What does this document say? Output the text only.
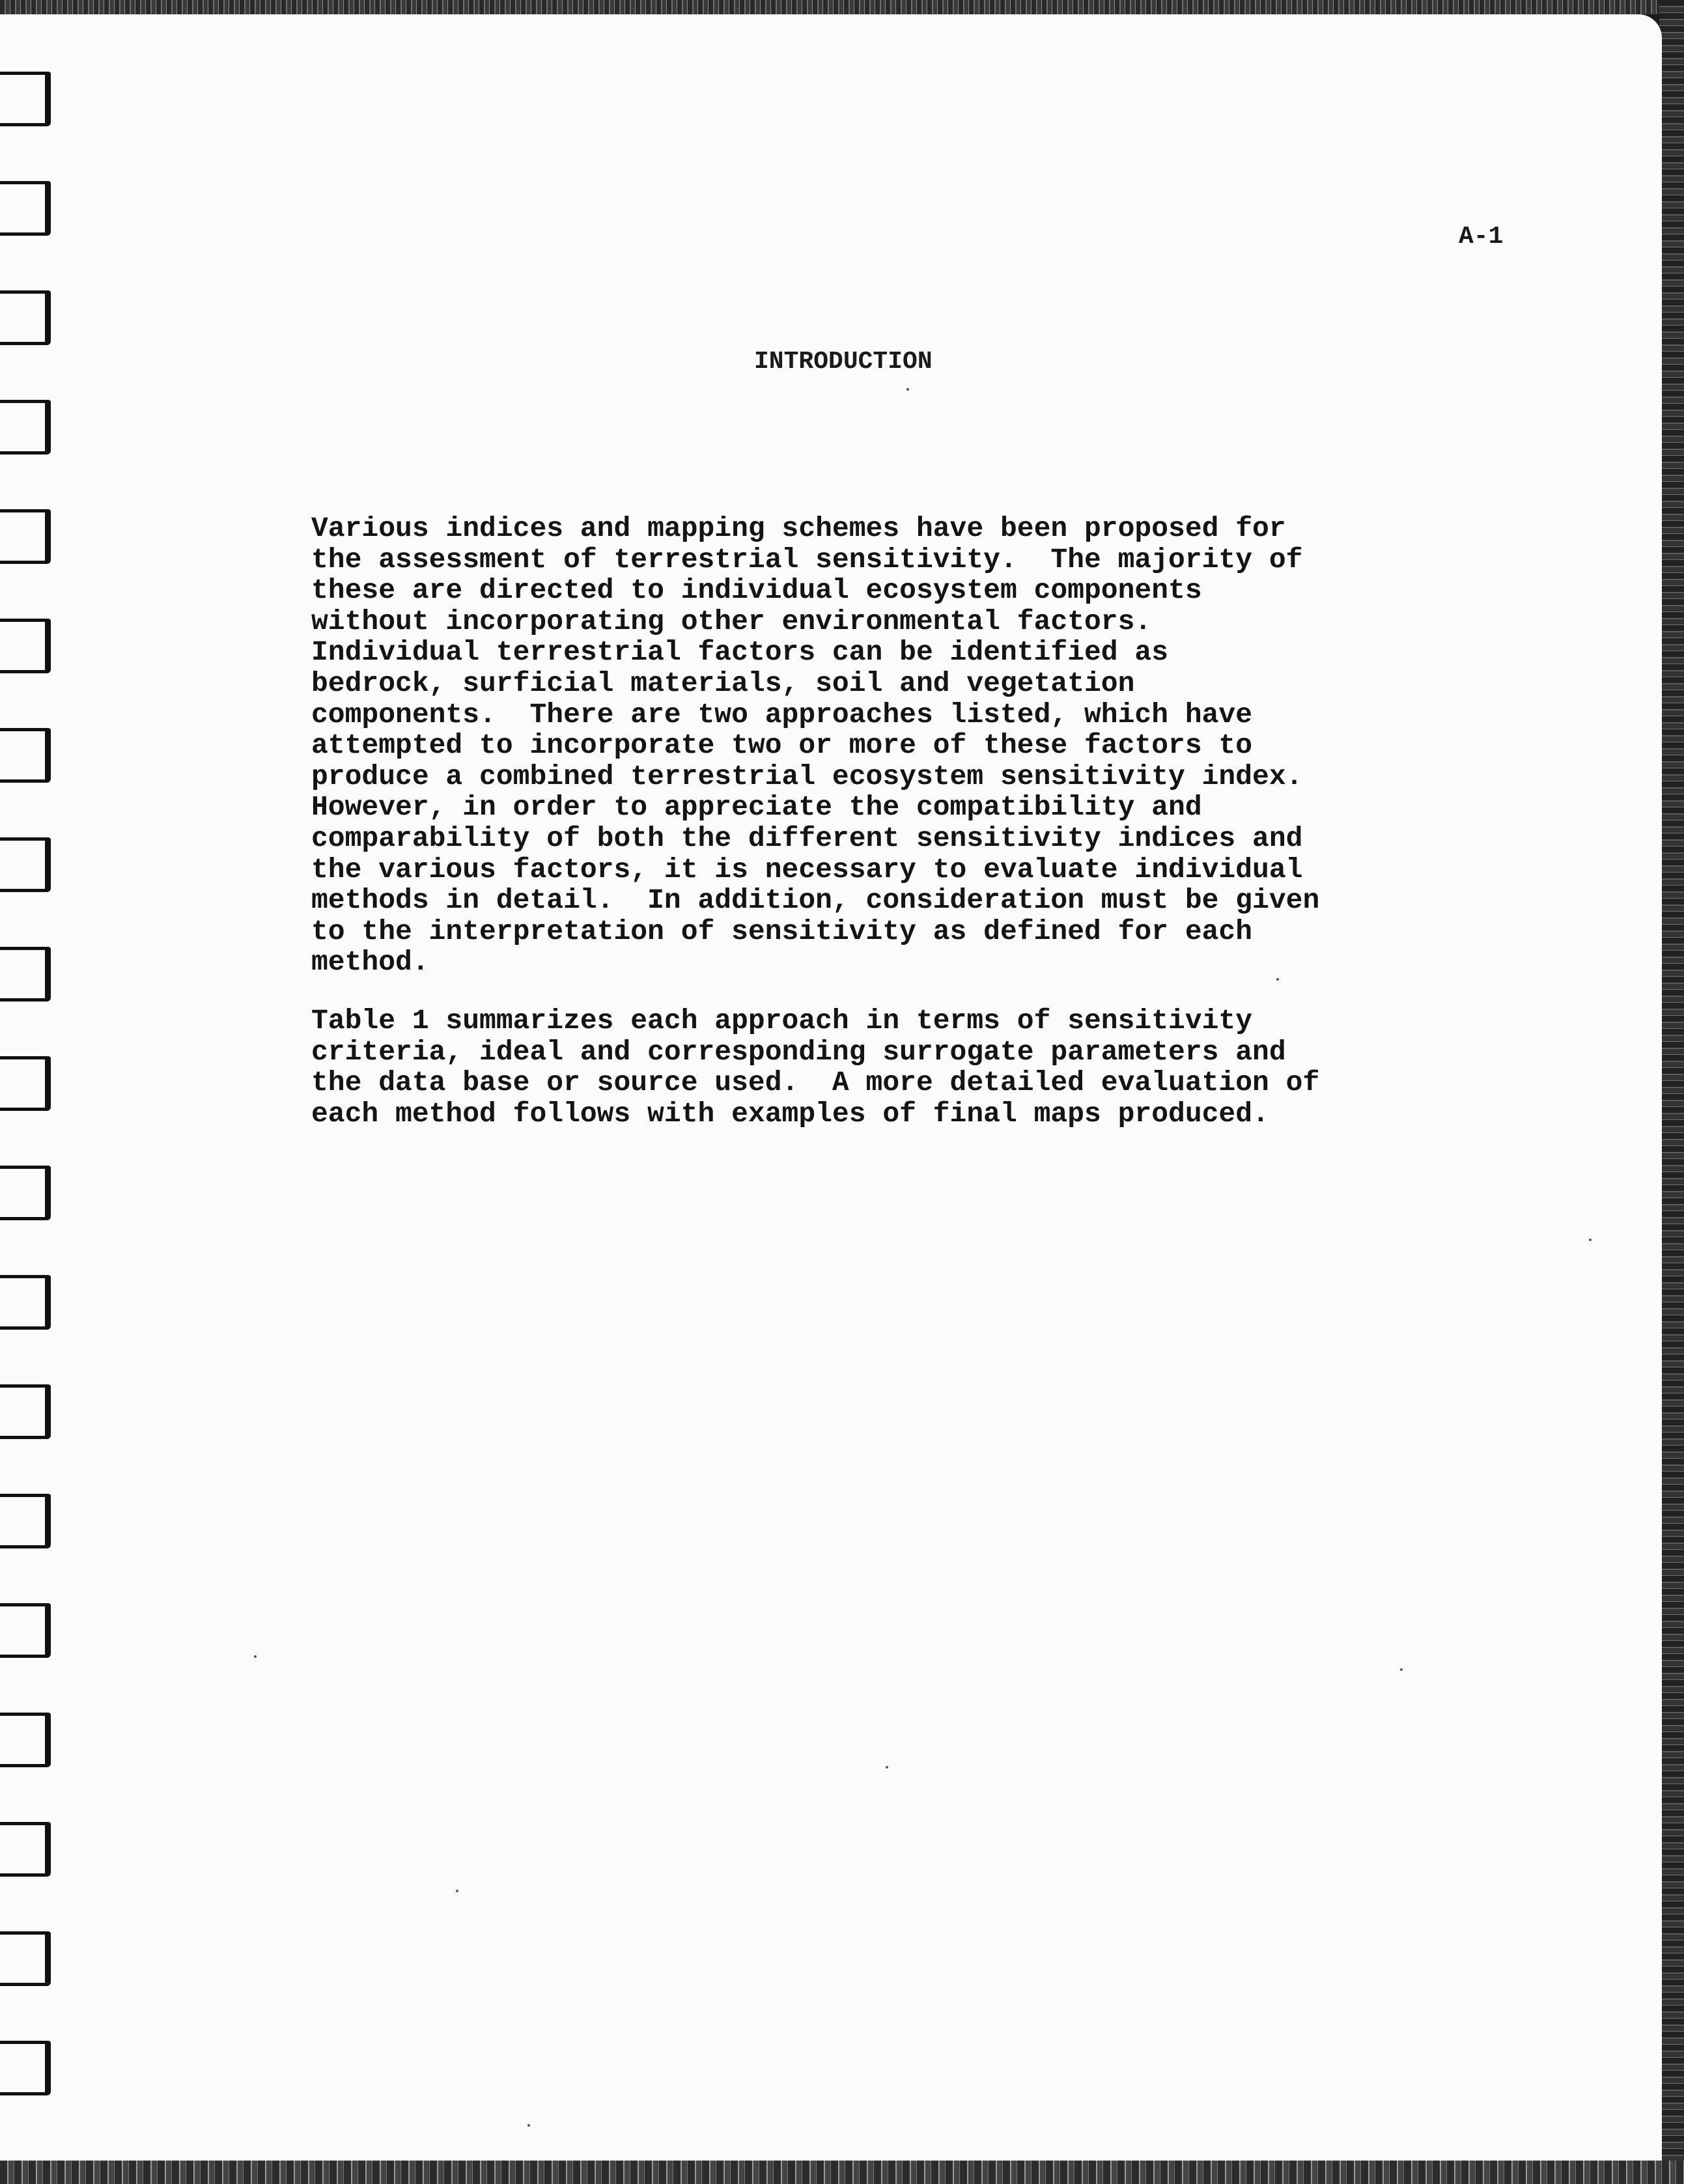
A-1

INTRODUCTION

Various indices and mapping schemes have been proposed for
the assessment of terrestrial sensitivity.  The majority of
these are directed to individual ecosystem components
without incorporating other environmental factors.
Individual terrestrial factors can be identified as
bedrock, surficial materials, soil and vegetation
components.  There are two approaches listed, which have
attempted to incorporate two or more of these factors to
produce a combined terrestrial ecosystem sensitivity index.
However, in order to appreciate the compatibility and
comparability of both the different sensitivity indices and
the various factors, it is necessary to evaluate individual
methods in detail.  In addition, consideration must be given
to the interpretation of sensitivity as defined for each
method.

Table 1 summarizes each approach in terms of sensitivity
criteria, ideal and corresponding surrogate parameters and
the data base or source used.  A more detailed evaluation of
each method follows with examples of final maps produced.
